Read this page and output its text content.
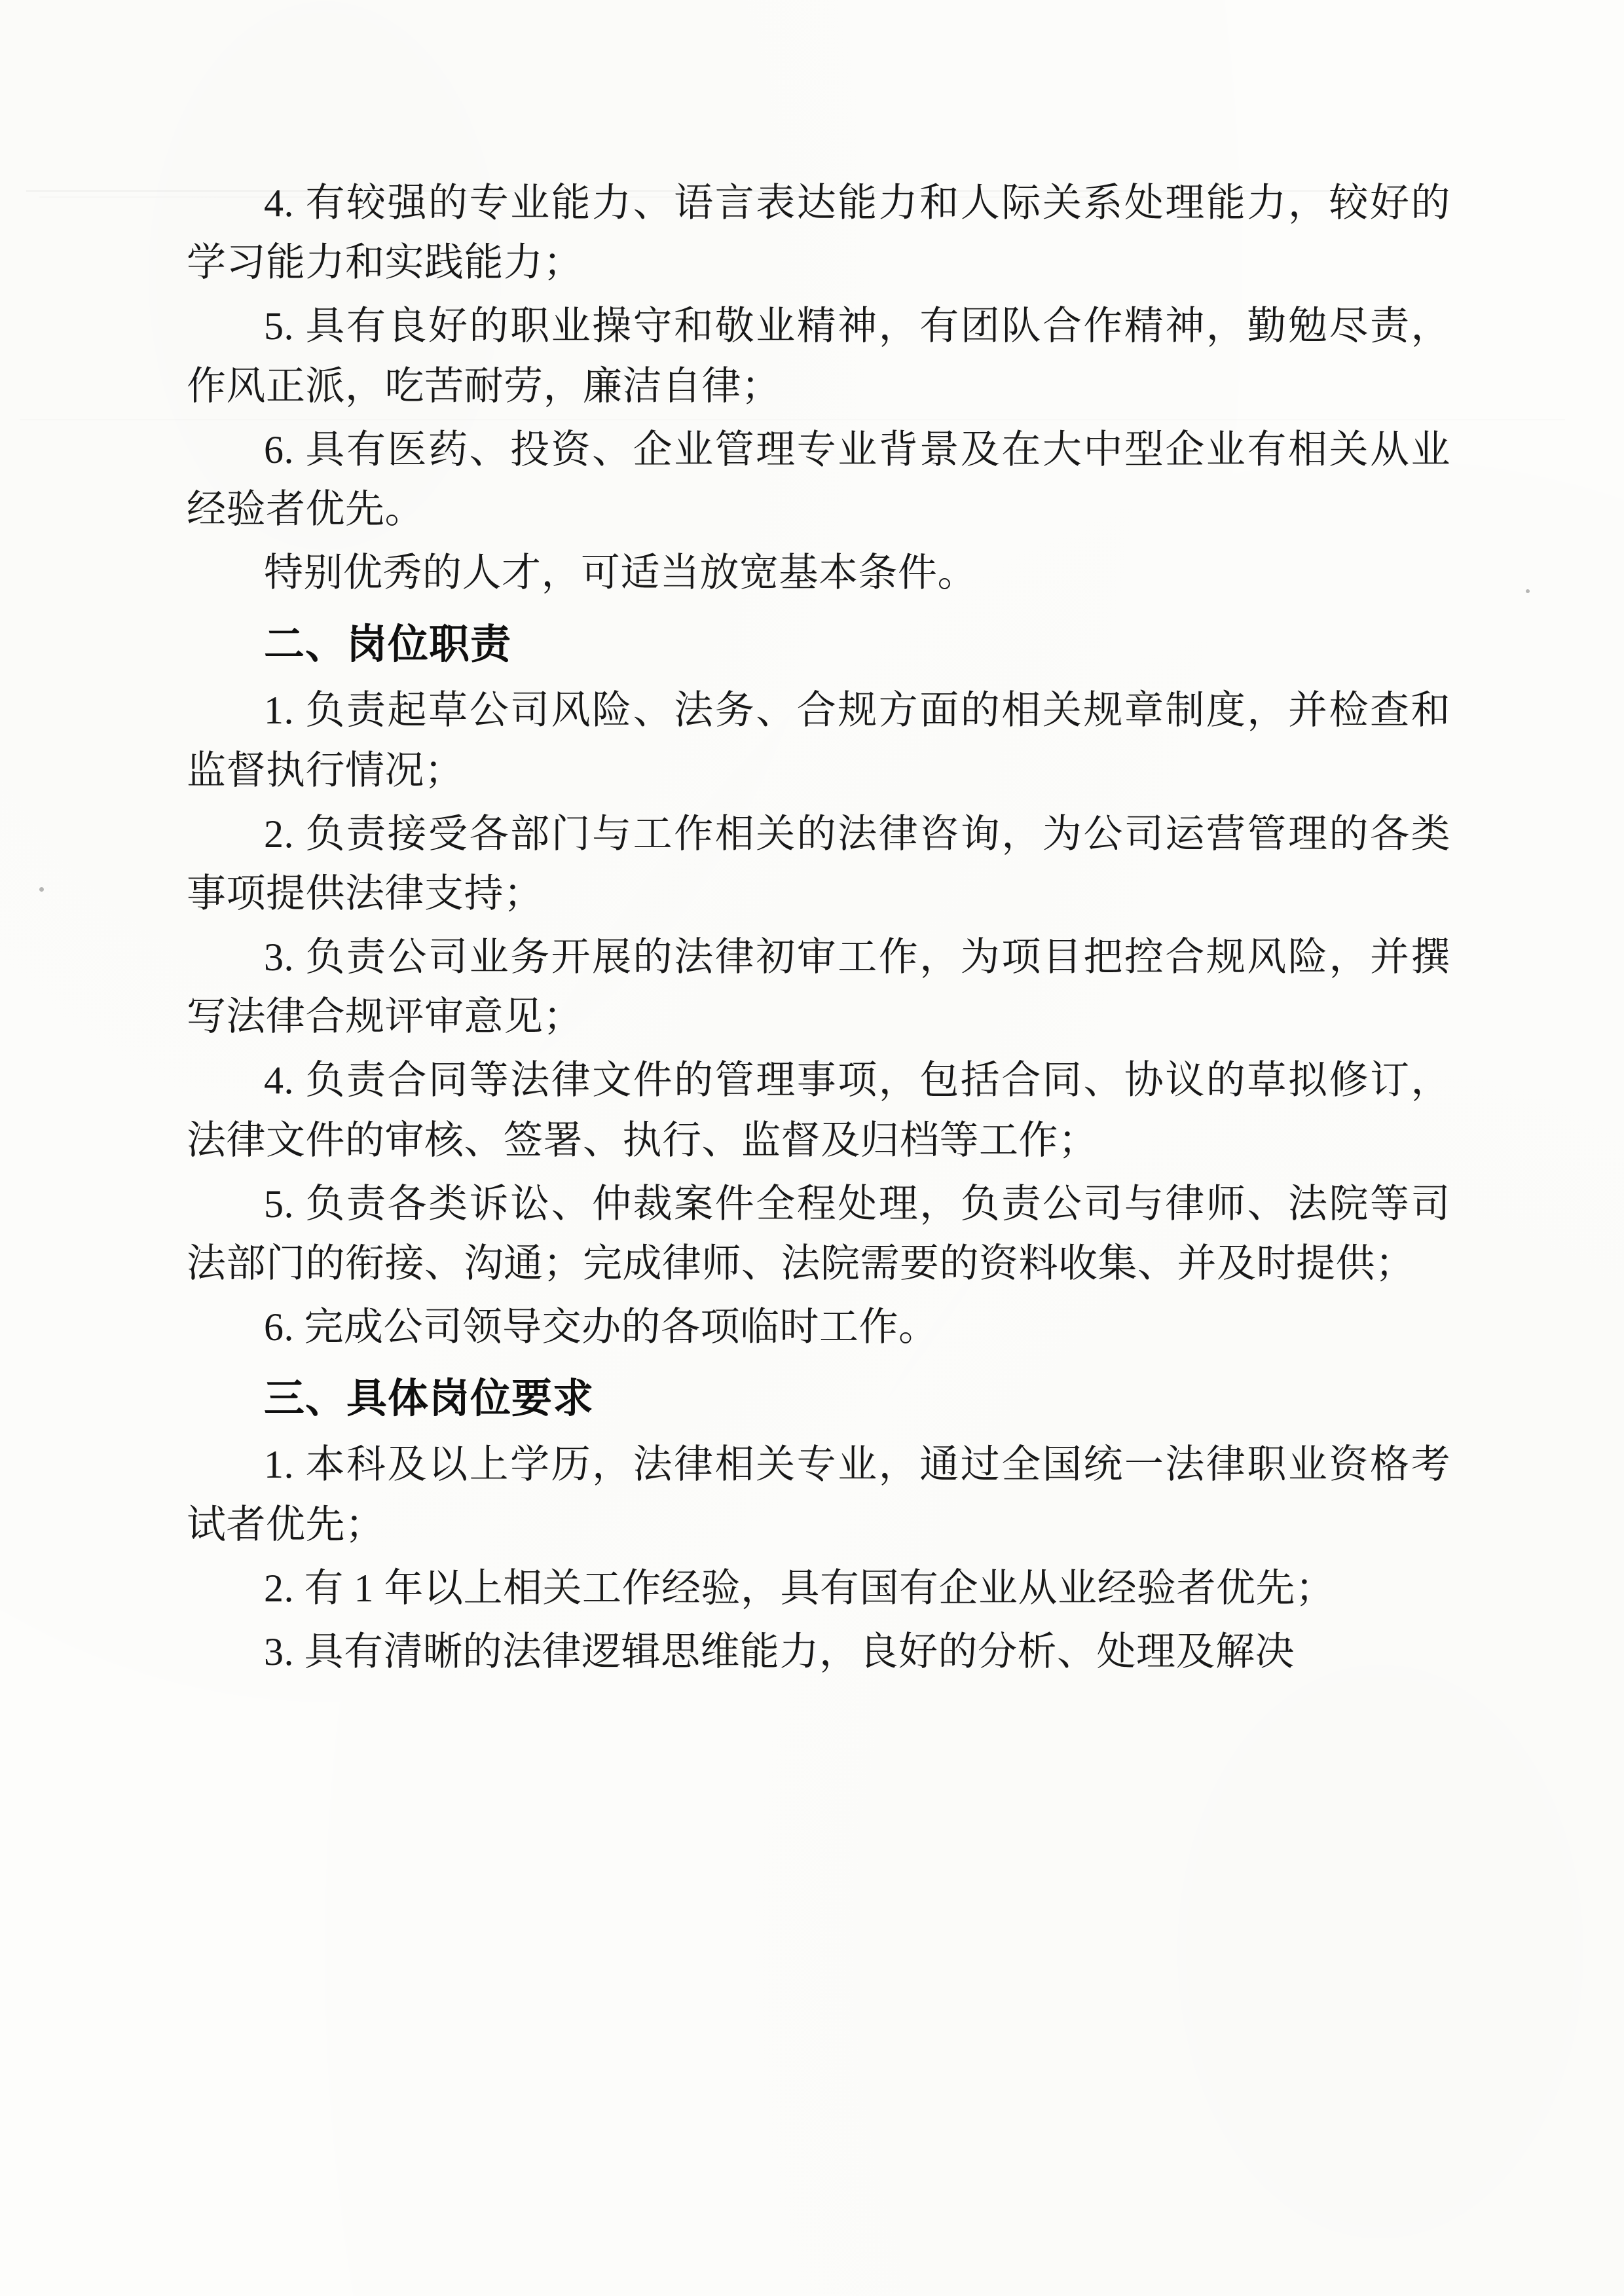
4. 有较强的专业能力、语言表达能力和人际关系处理能力，较好的学习能力和实践能力；

5. 具有良好的职业操守和敬业精神，有团队合作精神，勤勉尽责，作风正派，吃苦耐劳，廉洁自律；

6. 具有医药、投资、企业管理专业背景及在大中型企业有相关从业经验者优先。

特别优秀的人才，可适当放宽基本条件。

二、岗位职责

1. 负责起草公司风险、法务、合规方面的相关规章制度，并检查和监督执行情况；

2. 负责接受各部门与工作相关的法律咨询，为公司运营管理的各类事项提供法律支持；

3. 负责公司业务开展的法律初审工作，为项目把控合规风险，并撰写法律合规评审意见；

4. 负责合同等法律文件的管理事项，包括合同、协议的草拟修订，法律文件的审核、签署、执行、监督及归档等工作；

5. 负责各类诉讼、仲裁案件全程处理，负责公司与律师、法院等司法部门的衔接、沟通；完成律师、法院需要的资料收集、并及时提供；

6. 完成公司领导交办的各项临时工作。

三、具体岗位要求

1. 本科及以上学历，法律相关专业，通过全国统一法律职业资格考试者优先；

2. 有 1 年以上相关工作经验，具有国有企业从业经验者优先；

3. 具有清晰的法律逻辑思维能力，良好的分析、处理及解决
